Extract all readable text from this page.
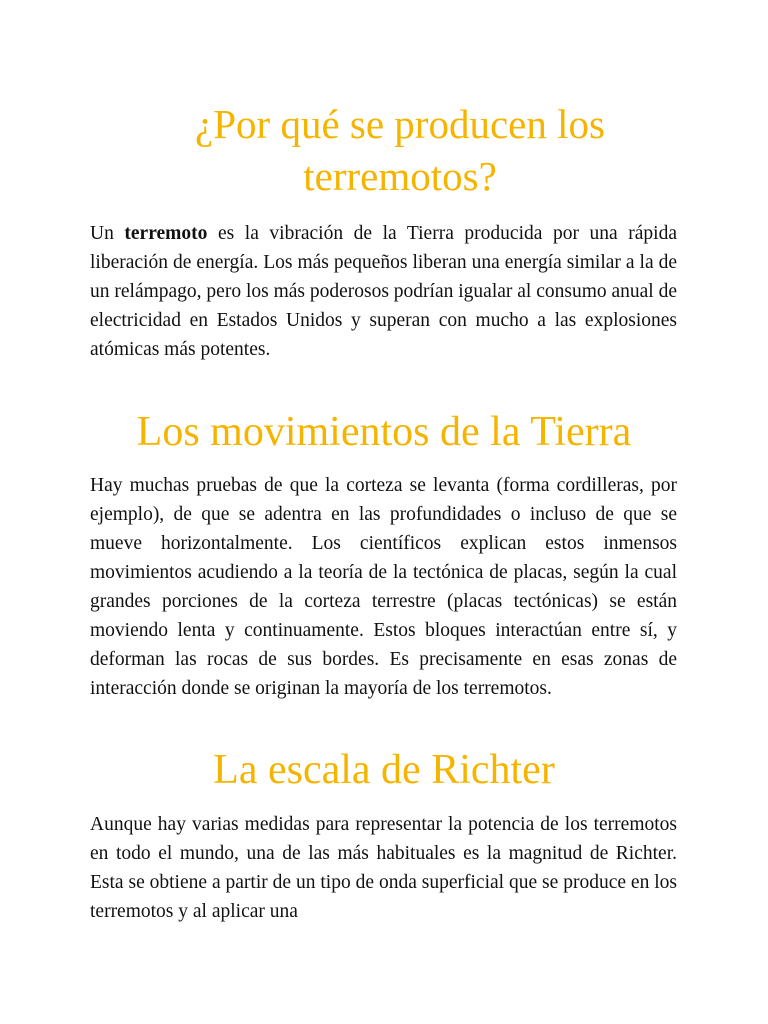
¿Por qué se producen los
terremotos?

Un terremoto es la vibración de la Tierra producida por una rápida liberación de energía. Los más pequeños liberan una energía similar a la de un relámpago, pero los más poderosos podrían igualar al consumo anual de electricidad en Estados Unidos y superan con mucho a las explosiones atómicas más potentes.

Los movimientos de la Tierra

Hay muchas pruebas de que la corteza se levanta (forma cordilleras, por ejemplo), de que se adentra en las profundidades o incluso de que se mueve horizontalmente. Los científicos explican estos inmensos movimientos acudiendo a la teoría de la tectónica de placas, según la cual grandes porciones de la corteza terrestre (placas tectónicas) se están moviendo lenta y continuamente. Estos bloques interactúan entre sí, y deforman las rocas de sus bordes. Es precisamente en esas zonas de interacción donde se originan la mayoría de los terremotos.

La escala de Richter

Aunque hay varias medidas para representar la potencia de los terremotos en todo el mundo, una de las más habituales es la magnitud de Richter. Esta se obtiene a partir de un tipo de onda superficial que se produce en los terremotos y al aplicar una
